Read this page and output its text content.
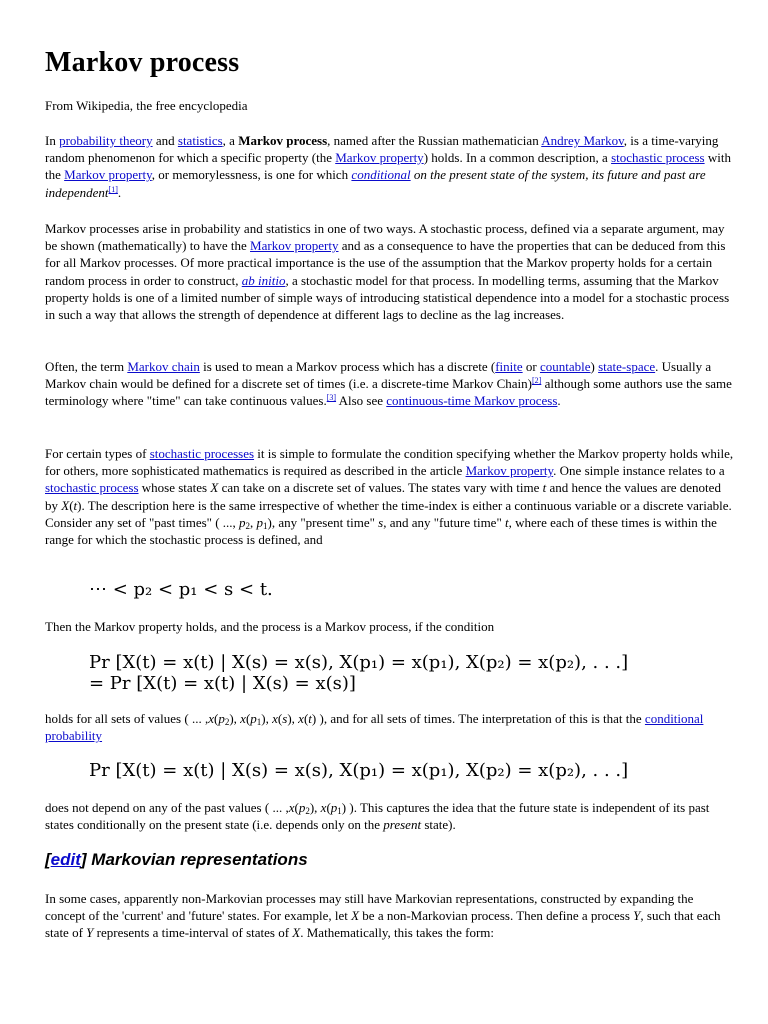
Markov process
From Wikipedia, the free encyclopedia

In probability theory and statistics, a Markov process, named after the Russian mathematician Andrey Markov, is a time-varying random phenomenon for which a specific property (the Markov property) holds. In a common description, a stochastic process with the Markov property, or memorylessness, is one for which conditional on the present state of the system, its future and past are independent[1].

Markov processes arise in probability and statistics in one of two ways. A stochastic process, defined via a separate argument, may be shown (mathematically) to have the Markov property and as a consequence to have the properties that can be deduced from this for all Markov processes. Of more practical importance is the use of the assumption that the Markov property holds for a certain random process in order to construct, ab initio, a stochastic model for that process. In modelling terms, assuming that the Markov property holds is one of a limited number of simple ways of introducing statistical dependence into a model for a stochastic process in such a way that allows the strength of dependence at different lags to decline as the lag increases.

Often, the term Markov chain is used to mean a Markov process which has a discrete (finite or countable) state-space. Usually a Markov chain would be defined for a discrete set of times (i.e. a discrete-time Markov Chain)[2] although some authors use the same terminology where "time" can take continuous values.[3] Also see continuous-time Markov process.

For certain types of stochastic processes it is simple to formulate the condition specifying whether the Markov property holds while, for others, more sophisticated mathematics is required as described in the article Markov property. One simple instance relates to a stochastic process whose states X can take on a discrete set of values. The states vary with time t and hence the values are denoted by X(t). The description here is the same irrespective of whether the time-index is either a continuous variable or a discrete variable. Consider any set of "past times" ( ..., $p_2$, $p_1$), any "present time" s, and any "future time" t, where each of these times is within the range for which the stochastic process is defined, and

⋯ < p₂ < p₁ < s < t.

Then the Markov property holds, and the process is a Markov process, if the condition

Pr [X(t) = x(t) | X(s) = x(s), X(p₁) = x(p₁), X(p₂) = x(p₂), . . .]
= Pr [X(t) = x(t) | X(s) = x(s)]

holds for all sets of values ( ... $,x(p_2)$, $x(p_1)$, x(s), x(t) ), and for all sets of times. The interpretation of this is that the conditional probability

Pr [X(t) = x(t) | X(s) = x(s), X(p₁) = x(p₁), X(p₂) = x(p₂), . . .]

does not depend on any of the past values ( ... $,x(p_2)$, $x(p_1)$ ). This captures the idea that the future state is independent of its past states conditionally on the present state (i.e. depends only on the present state).

[edit] Markovian representations

In some cases, apparently non-Markovian processes may still have Markovian representations, constructed by expanding the concept of the 'current' and 'future' states. For example, let X be a non-Markovian process. Then define a process Y, such that each state of Y represents a time-interval of states of X. Mathematically, this takes the form:
